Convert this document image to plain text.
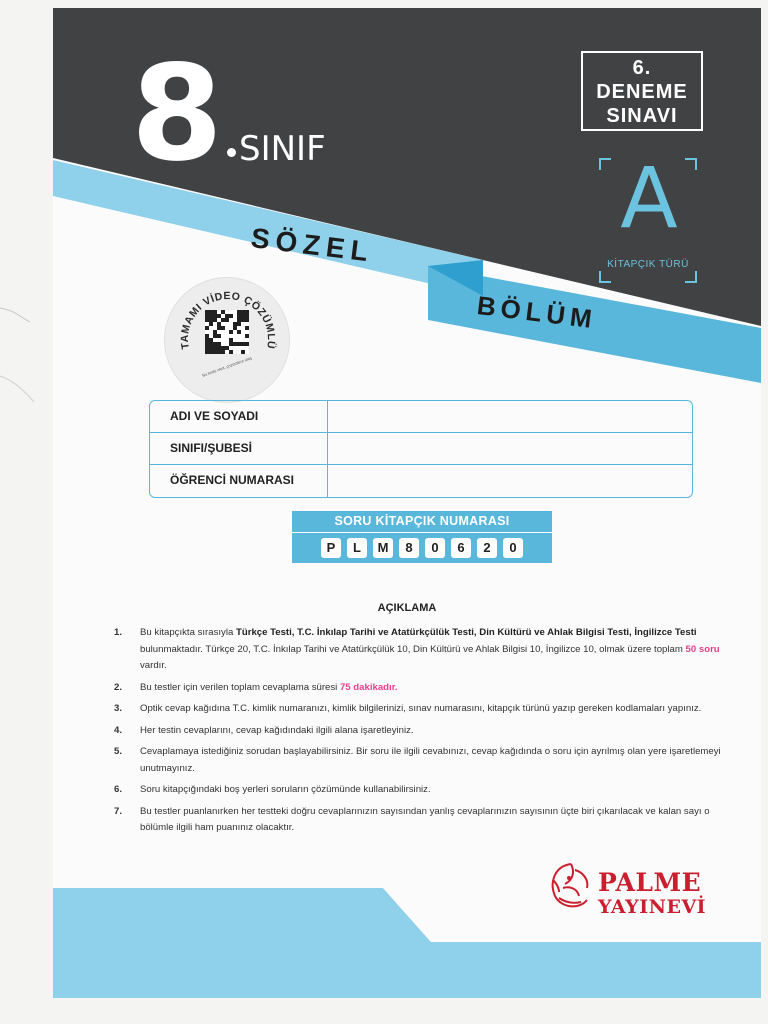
8 SINIF
6.
DENEME
SINAVI
A
KİTAPÇIK TÜRÜ
SÖZEL
BÖLÜM
TAMAMI VİDEO ÇÖZÜMLÜ
Bu kodu okut, çözümlere ulaş
ADI VE SOYADI
SINIFI/ŞUBESİ
ÖĞRENCİ NUMARASI
SORU KİTAPÇIK NUMARASI
P	L	M	8	0	6	2	0
AÇIKLAMA
1.	Bu kitapçıkta sırasıyla Türkçe Testi, T.C. İnkılap Tarihi ve Atatürkçülük Testi, Din Kültürü ve Ahlak Bilgisi Testi, İngilizce Testi bulunmaktadır. Türkçe 20, T.C. İnkılap Tarihi ve Atatürkçülük 10, Din Kültürü ve Ahlak Bilgisi 10, İngilizce 10, olmak üzere toplam 50 soru vardır.
2.	Bu testler için verilen toplam cevaplama süresi 75 dakikadır.
3.	Optik cevap kağıdına T.C. kimlik numaranızı, kimlik bilgilerinizi, sınav numarasını, kitapçık türünü yazıp gereken kodlamaları yapınız.
4.	Her testin cevaplarını, cevap kağıdındaki ilgili alana işaretleyiniz.
5.	Cevaplamaya istediğiniz sorudan başlayabilirsiniz. Bir soru ile ilgili cevabınızı, cevap kağıdında o soru için ayrılmış olan yere işaretlemeyi unutmayınız.
6.	Soru kitapçığındaki boş yerleri soruların çözümünde kullanabilirsiniz.
7.	Bu testler puanlanırken her testteki doğru cevaplarınızın sayısından yanlış cevaplarınızın sayısının üçte biri çıkarılacak ve kalan sayı o bölümle ilgili ham puanınız olacaktır.
PALME
YAYINEVİ
